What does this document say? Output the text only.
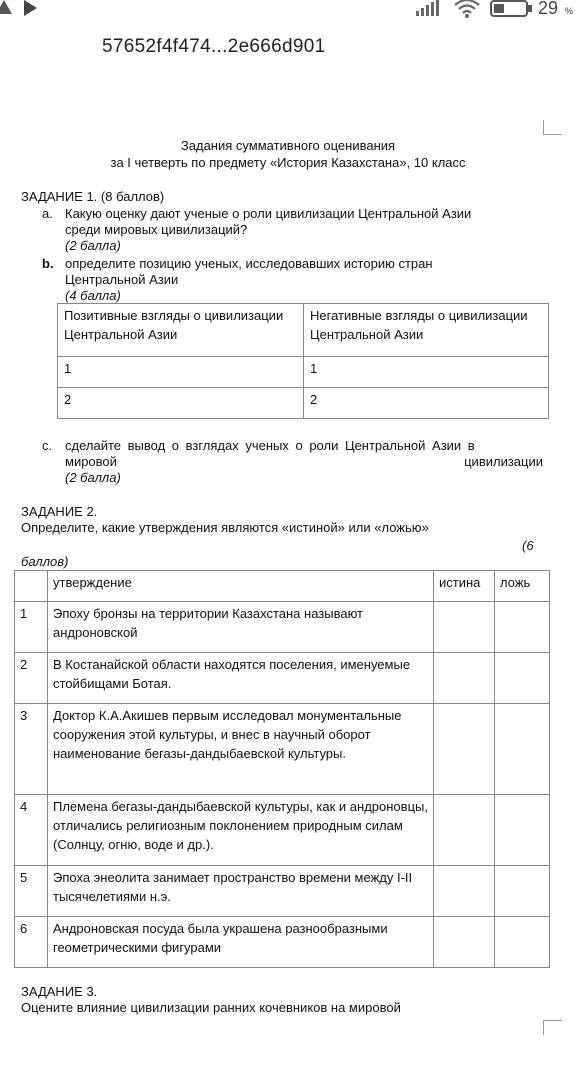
29 %
57652f4f474...2e666d901
Задания суммативного оценивания
за I четверть по предмету «История Казахстана», 10 класс
ЗАДАНИЕ 1. (8 баллов)
a. Какую оценку дают ученые о роли цивилизации Центральной Азии
среди мировых цивилизаций?
(2 балла)
b. определите позицию ученых, исследовавших историю стран
Центральной Азии
(4 балла)
Позитивные взгляды о цивилизации Центральной Азии	Негативные взгляды о цивилизации Центральной Азии
1	1
2	2
c. сделайте вывод о взглядах ученых о роли Центральной Азии в
мировой	цивилизации
(2 балла)
ЗАДАНИЕ 2.
Определите, какие утверждения являются «истиной» или «ложью»
(6
баллов)
	утверждение	истина	ложь
1	Эпоху бронзы на территории Казахстана называют андроновской		
2	В Костанайской области находятся поселения, именуемые стойбищами Ботая.		
3	Доктор К.А.Акишев первым исследовал монументальные сооружения этой культуры, и внес в научный оборот наименование бегазы-дандыбаевской культуры.		
4	Племена бегазы-дандыбаевской культуры, как и андроновцы, отличались религиозным поклонением природным силам (Солнцу, огню, воде и др.).		
5	Эпоха энеолита занимает пространство времени между I-II тысячелетиями н.э.		
6	Андроновская посуда была украшена разнообразными геометрическими фигурами		
ЗАДАНИЕ 3.
Оцените влияние цивилизации ранних кочевников на мировой
